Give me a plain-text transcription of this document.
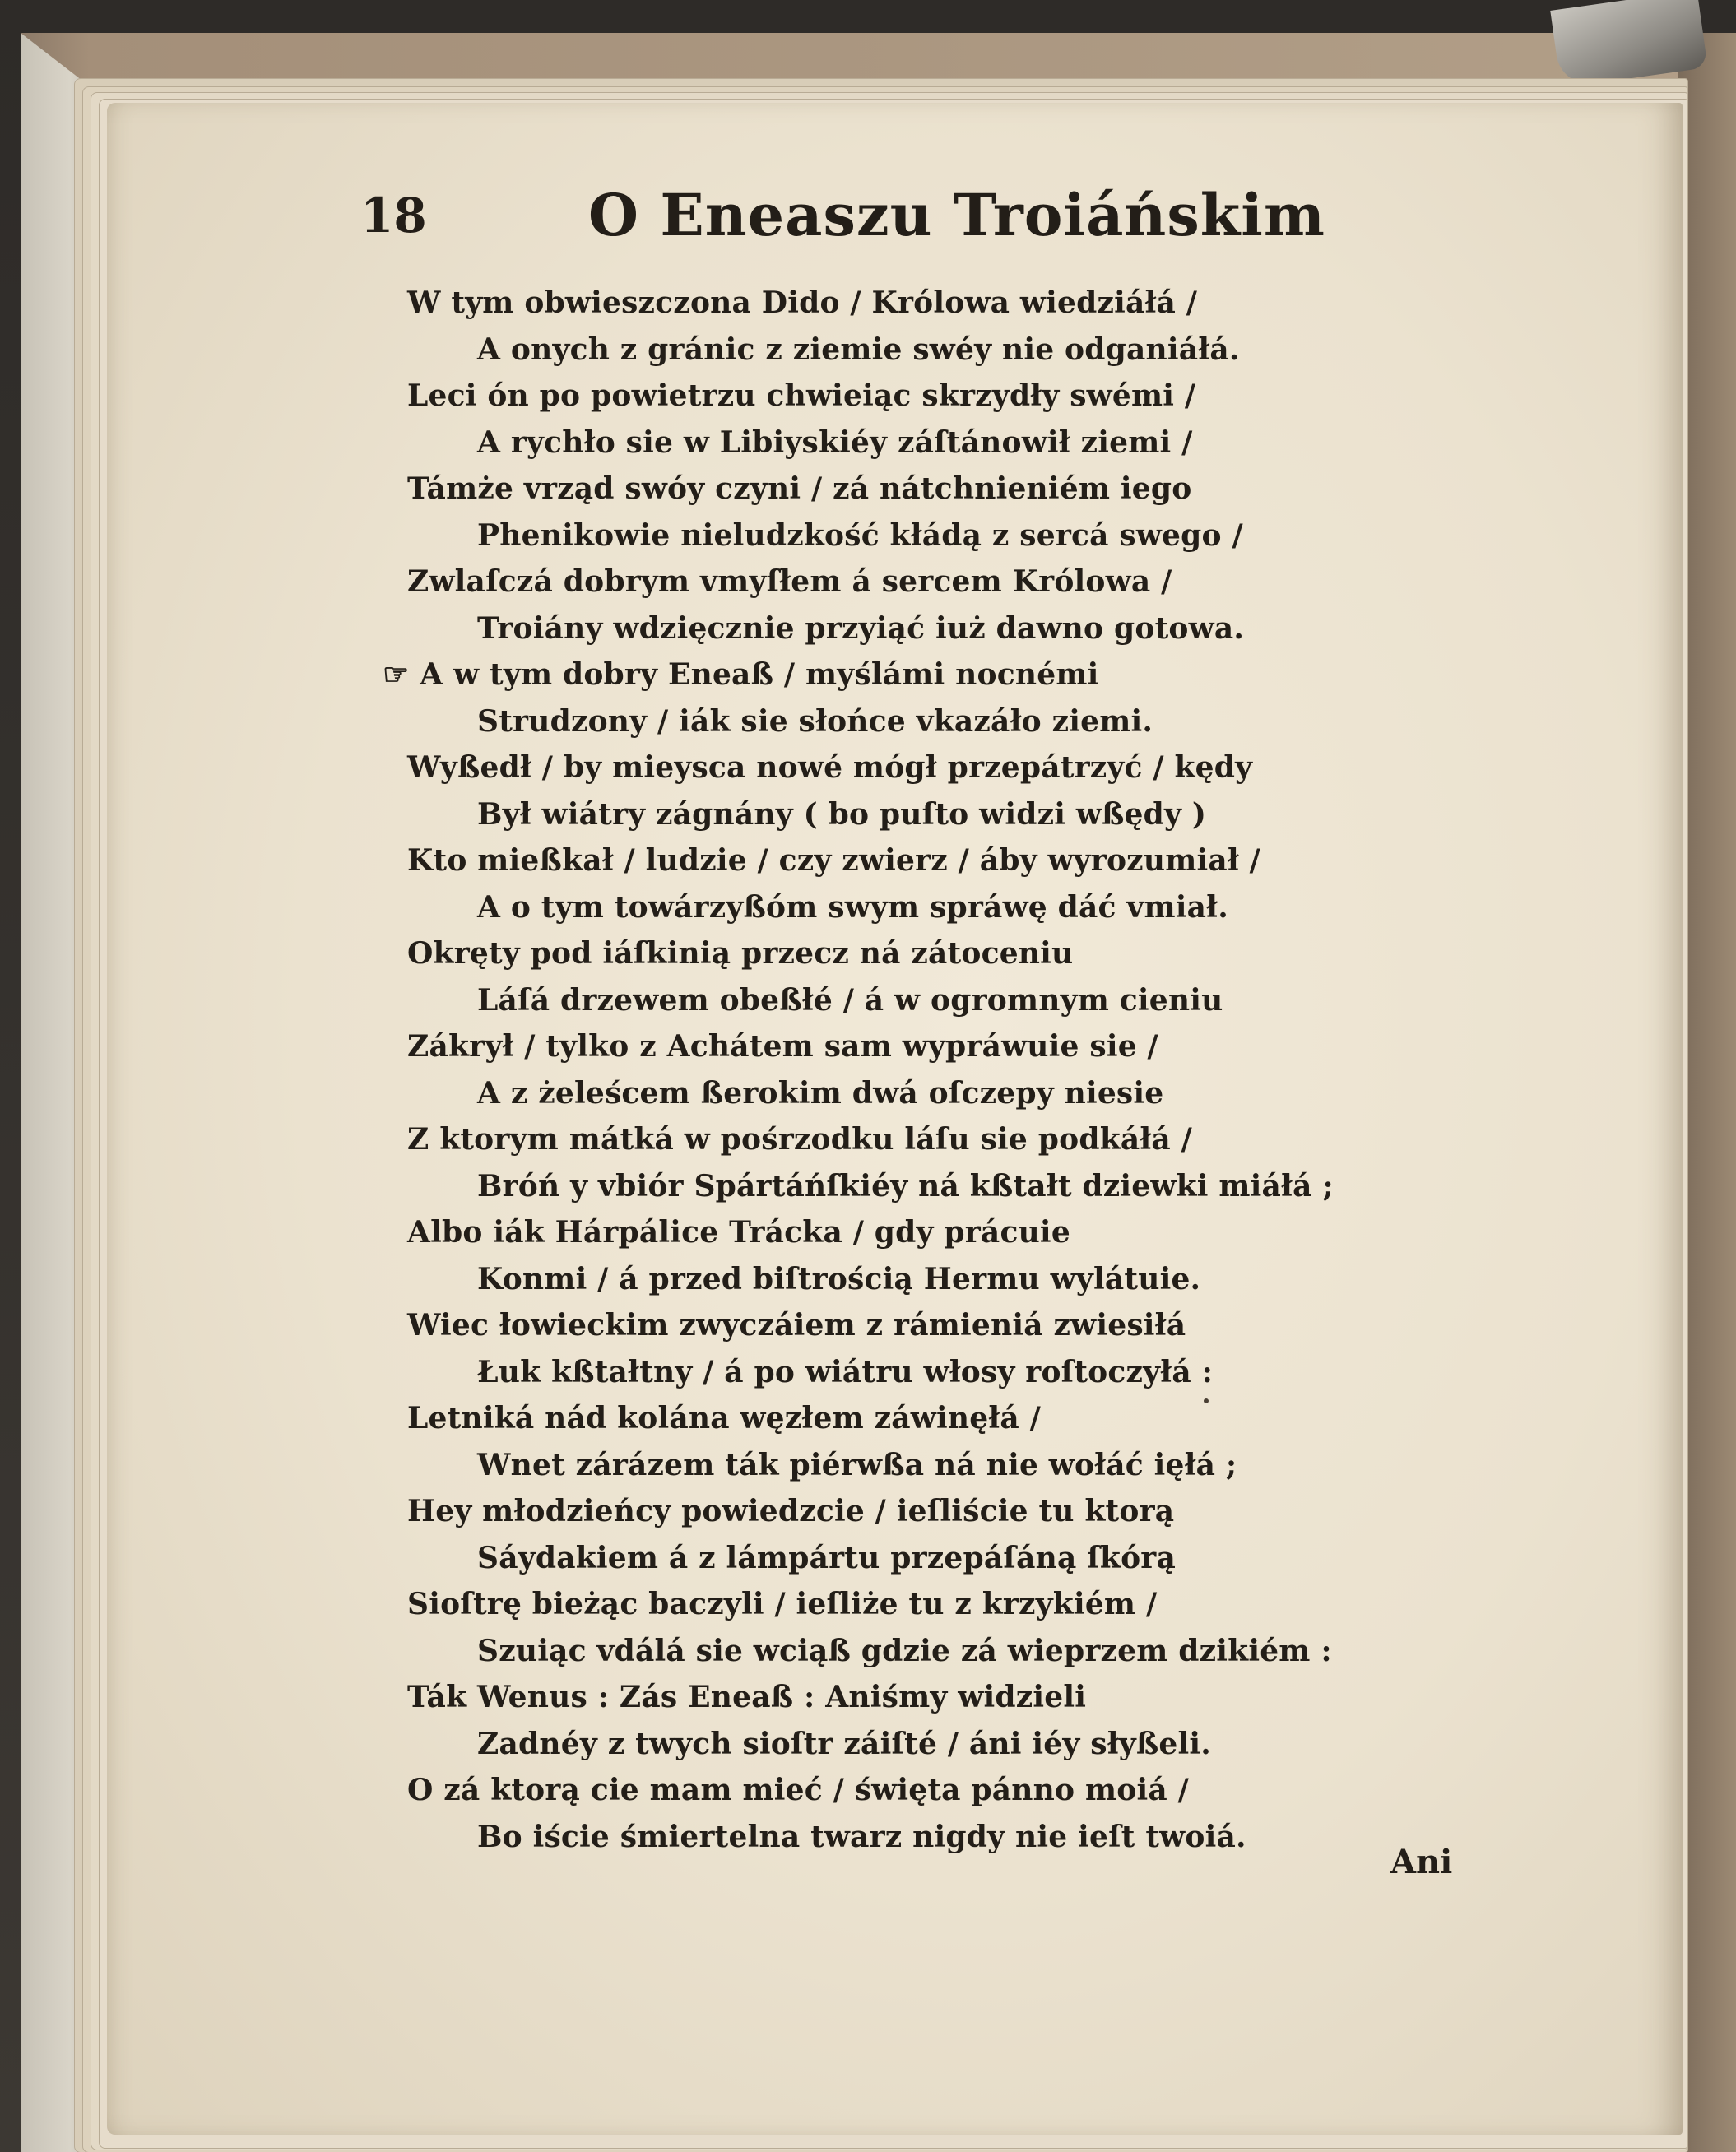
18	O Eneaszu Troiáńskim
W tym obwieszczona Dido / Królowa wiedziáłá /
A onych z gránic z ziemie swéy nie odganiáłá.
Leci ón po powietrzu chwieiąc skrzydły swémi /
A rychło sie w Libiyskiéy záſtánowił ziemi /
Támże vrząd swóy czyni / zá nátchnieniém iego
Phenikowie nieludzkość kłádą z sercá swego /
Zwlaſczá dobrym vmyſłem á sercem Królowa /
Troiány wdzięcznie przyiąć iuż dawno gotowa.
☞ A w tym dobry Eneaß / myślámi nocnémi
Strudzony / iák sie słońce vkazáło ziemi.
Wyßedł / by mieysca nowé mógł przepátrzyć / kędy
Był wiátry zágnány ( bo puſto widzi wßędy )
Kto mießkał / ludzie / czy zwierz / áby wyrozumiał /
A o tym towárzyßóm swym spráwę dáć vmiał.
Okręty pod iáſkinią przecz ná zátoceniu
Láſá drzewem obeßłé / á w ogromnym cieniu
Zákrył / tylko z Achátem sam wypráwuie sie /
A z żeleścem ßerokim dwá oſczepy niesie
Z ktorym mátká w pośrzodku láſu sie podkáłá /
Bróń y vbiór Spártáńſkiéy ná kßtałt dziewki miáłá ;
Albo iák Hárpálice Trácka / gdy prácuie
Konmi / á przed biſtrością Hermu wylátuie.
Wiec łowieckim zwyczáiem z rámieniá zwiesiłá
Łuk kßtałtny / á po wiátru włosy roſtoczyłá :
Letniká nád kolána węzłem záwinęłá /
Wnet zárázem ták piérwßa ná nie wołáć ięłá ;
Hey młodzieńcy powiedzcie / ieſliście tu ktorą
Sáydakiem á z lámpártu przepáſáną ſkórą
Sioſtrę bieżąc baczyli / ieſliże tu z krzykiém /
Szuiąc vdálá sie wciąß gdzie zá wieprzem dzikiém :
Ták Wenus : Zás Eneaß : Aniśmy widzieli
Zadnéy z twych sioſtr záiſté / áni iéy słyßeli.
O zá ktorą cie mam mieć / święta pánno moiá /
Bo iście śmiertelna twarz nigdy nie ieſt twoiá.
Ani
